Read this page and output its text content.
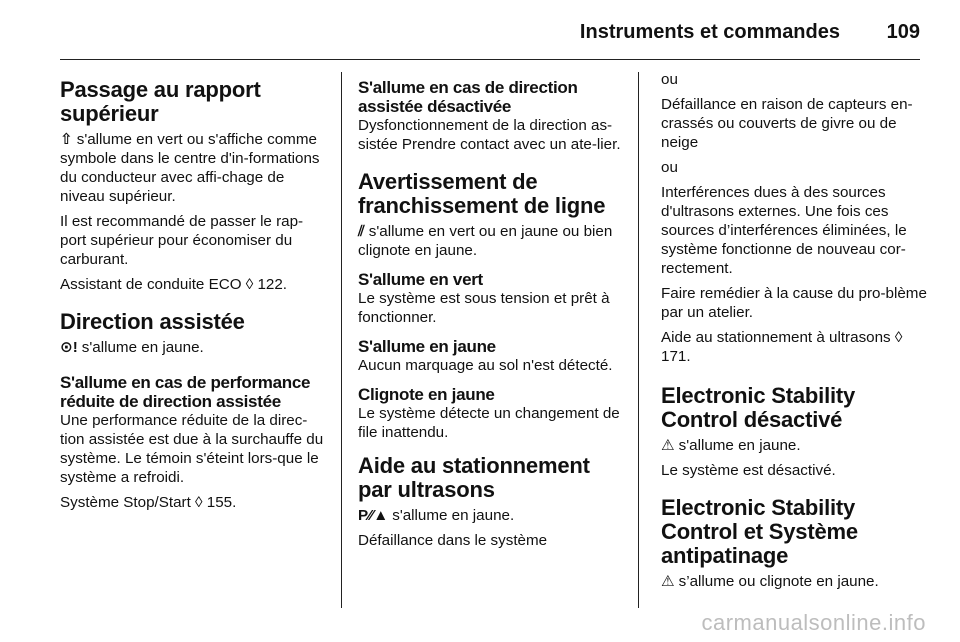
Instruments et commandes 109
Passage au rapport supérieur

⇧ s'allume en vert ou s'affiche comme symbole dans le centre d'in-formations du conducteur avec affi-chage de niveau supérieur.

Il est recommandé de passer le rap-port supérieur pour économiser du carburant.

Assistant de conduite ECO ◊ 122.

Direction assistée

⊙! s'allume en jaune.

S'allume en cas de performance réduite de direction assistée

Une performance réduite de la direc-tion assistée est due à la surchauffe du système. Le témoin s'éteint lors-que le système a refroidi.

Système Stop/Start ◊ 155.

S'allume en cas de direction assistée désactivée

Dysfonctionnement de la direction as-sistée Prendre contact avec un ate-lier.

Avertissement de franchissement de ligne

⫽ s'allume en vert ou en jaune ou bien clignote en jaune.

S'allume en vert

Le système est sous tension et prêt à fonctionner.

S'allume en jaune

Aucun marquage au sol n'est détecté.

Clignote en jaune

Le système détecte un changement de file inattendu.

Aide au stationnement par ultrasons

P⁄⁄▲ s'allume en jaune.

Défaillance dans le système

ou

Défaillance en raison de capteurs en-crassés ou couverts de givre ou de neige

ou

Interférences dues à des sources d'ultrasons externes. Une fois ces sources d’interférences éliminées, le système fonctionne de nouveau cor-rectement.

Faire remédier à la cause du pro-blème par un atelier.

Aide au stationnement à ultrasons ◊ 171.

Electronic Stability Control désactivé

⚠ s'allume en jaune.

Le système est désactivé.

Electronic Stability Control et Système antipatinage

⚠ s’allume ou clignote en jaune.

carmanualsonline.info
